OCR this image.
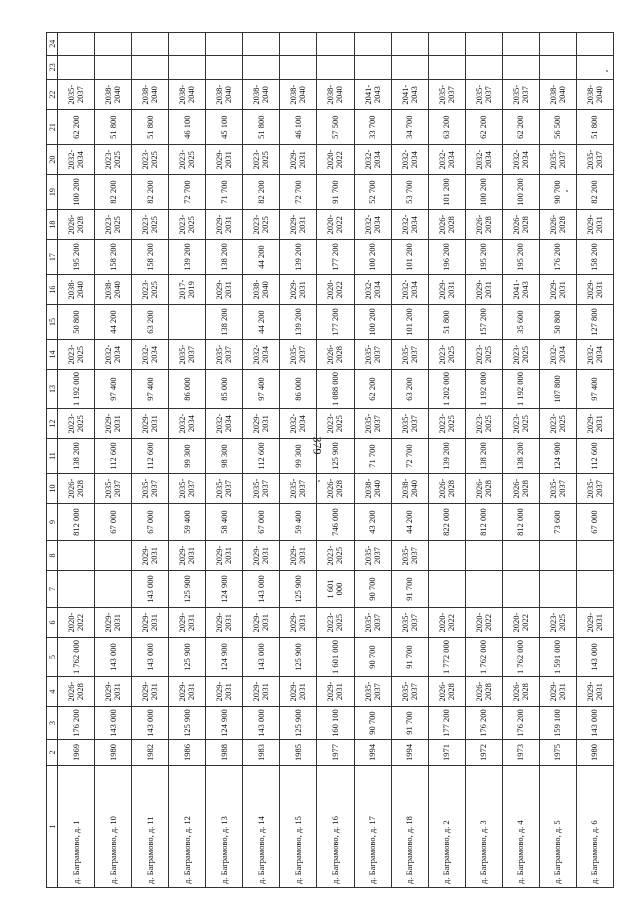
379
1	2	3	4	5	6	7	8	9	10	11	12	13	14	15	16	17	18	19	20	21	22	23	24
д. Баграмово, д. 1	1969	176 200	2026-2028	1 762 000	2020-2022			812 000	2026-2028	138 200	2023-2025	1 192 000	2023-2025	50 800	2038-2040	195 200	2026-2028	100 200	2032-2034	62 200	2035-2037		
д. Баграмово, д. 10	1980	143 000	2029-2031	143 000	2029-2031			67 000	2035-2037	112 600	2029-2031	97 400	2032-2034	44 200	2038-2040	158 200	2023-2025	82 200	2023-2025	51 800	2038-2040		
д. Баграмово, д. 11	1982	143 000	2029-2031	143 000	2029-2031	143 000	2029-2031	67 000	2035-2037	112 600	2029-2031	97 400	2032-2034	63 200	2023-2025	158 200	2023-2025	82 200	2023-2025	51 800	2038-2040		
д. Баграмово, д. 12	1986	125 900	2029-2031	125 900	2029-2031	125 900	2029-2031	59 400	2035-2037	99 300	2032-2034	86 000	2035-2037		2017-2019	139 200	2023-2025	72 700	2023-2025	46 100	2038-2040		
д. Баграмово, д. 13	1988	124 900	2029-2031	124 900	2029-2031	124 900	2029-2031	58 400	2035-2037	98 300	2032-2034	85 000	2035-2037	138 200	2029-2031	138 200	2029-2031	71 700	2029-2031	45 100	2038-2040		
д. Баграмово, д. 14	1983	143 000	2029-2031	143 000	2029-2031	143 000	2029-2031	67 000	2035-2037	112 600	2029-2031	97 400	2032-2034	44 200	2038-2040	44 200	2023-2025	82 200	2023-2025	51 800	2038-2040		
д. Баграмово, д. 15	1985	125 900	2029-2031	125 900	2029-2031	125 900	2029-2031	59 400	2035-2037	99 300	2032-2034	86 000	2035-2037	139 200	2029-2031	139 200	2029-2031	72 700	2029-2031	46 100	2038-2040		
д. Баграмово, д. 16	1977	160 100	2029-2031	1 601 000	2023-2025	1 601 000	2023-2025	746 000	2026-2028	125 900	2023-2025	1 088 000	2026-2028	177 200	2020-2022	177 200	2020-2022	91 700	2020-2022	57 500	2038-2040		
д. Баграмово, д. 17	1994	90 700	2035-2037	90 700	2035-2037	90 700	2035-2037	43 200	2038-2040	71 700	2035-2037	62 200	2035-2037	100 200	2032-2034	100 200	2032-2034	52 700	2032-2034	33 700	2041-2043		
д. Баграмово, д. 18	1994	91 700	2035-2037	91 700	2035-2037	91 700	2035-2037	44 200	2038-2040	72 700	2035-2037	63 200	2035-2037	101 200	2032-2034	101 200	2032-2034	53 700	2032-2034	34 700	2041-2043		
д. Баграмово, д. 2	1971	177 200	2026-2028	1 772 000	2020-2022			822 000	2026-2028	139 200	2023-2025	1 202 000	2023-2025	51 800	2029-2031	196 200	2026-2028	101 200	2032-2034	63 200	2035-2037		
д. Баграмово, д. 3	1972	176 200	2026-2028	1 762 000	2020-2022			812 000	2026-2028	138 200	2023-2025	1 192 000	2023-2025	157 200	2029-2031	195 200	2026-2028	100 200	2032-2034	62 200	2035-2037		
д. Баграмово, д. 4	1973	176 200	2026-2028	1 762 000	2020-2022			812 000	2026-2028	138 200	2023-2025	1 192 000	2023-2025	35 600	2041-2043	195 200	2026-2028	100 200	2032-2034	62 200	2035-2037		
д. Баграмово, д. 5	1975	159 100	2029-2031	1 591 000	2023-2025			73 600	2035-2037	124 900	2023-2025	107 800	2032-2034	50 800	2029-2031	176 200	2026-2028	90 700	2035-2037	56 500	2038-2040		
д. Баграмово, д. 6	1980	143 000	2029-2031	143 000	2029-2031			67 000	2035-2037	112 600	2029-2031	97 400	2032-2034	127 800	2029-2031	158 200	2029-2031	82 200	2035-2037	51 800	2038-2040		
